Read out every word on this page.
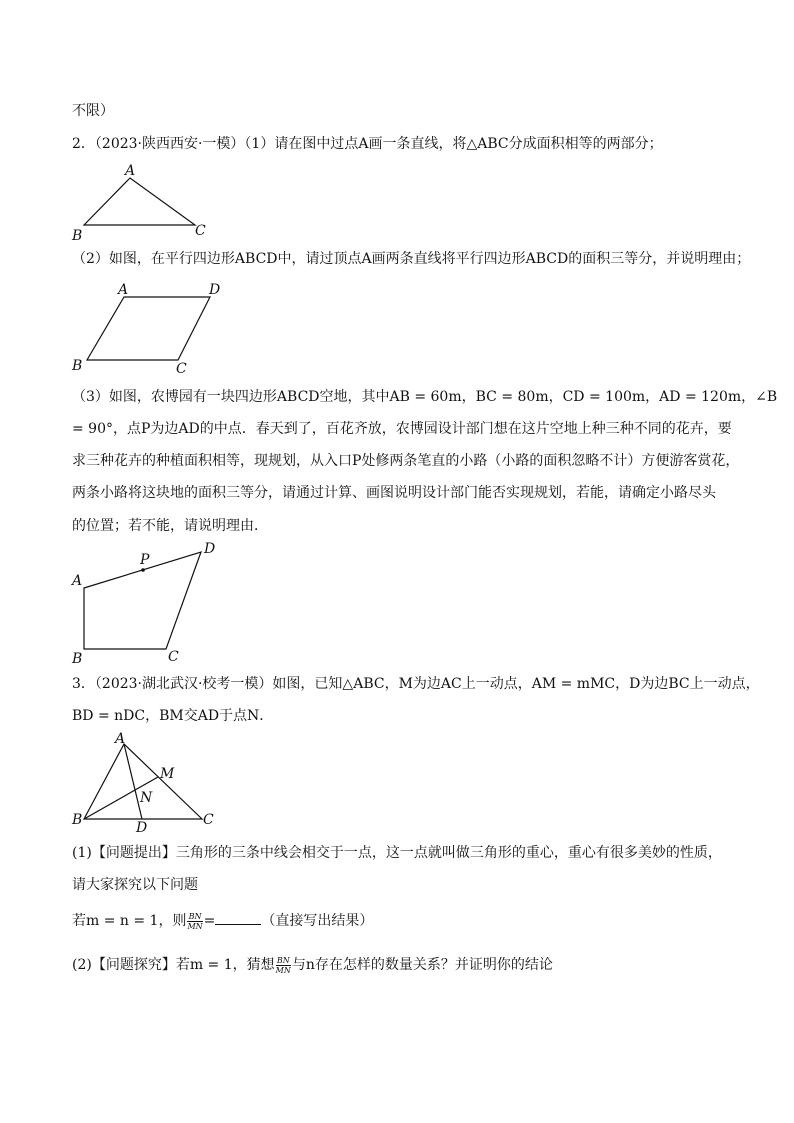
不限）
2．（2023·陕西西安·一模）（1）请在图中过点A画一条直线，将△ABC分成面积相等的两部分；
A
B	C
（2）如图，在平行四边形ABCD中，请过顶点A画两条直线将平行四边形ABCD的面积三等分，并说明理由；
A	D
B	C
（3）如图，农博园有一块四边形ABCD空地，其中AB = 60m，BC = 80m，CD = 100m，AD = 120m，∠B
= 90°，点P为边AD的中点．春天到了，百花齐放，农博园设计部门想在这片空地上种三种不同的花卉，要
求三种花卉的种植面积相等，现规划，从入口P处修两条笔直的小路（小路的面积忽略不计）方便游客赏花，
两条小路将这块地的面积三等分，请通过计算、画图说明设计部门能否实现规划，若能，请确定小路尽头
的位置；若不能，请说明理由．
A
P
D
B	C
3．（2023·湖北武汉·校考一模）如图，已知△ABC，M为边AC上一动点，AM = mMC，D为边BC上一动点，
BD = nDC，BM交AD于点N．
A
M
N
B	D	C
(1)【问题提出】三角形的三条中线会相交于一点，这一点就叫做三角形的重心，重心有很多美妙的性质，
请大家探究以下问题
若m = n = 1，则 $\frac{BN}{MN}$ =	（直接写出结果）
(2)【问题探究】若m = 1，猜想 $\frac{BN}{MN}$ 与n存在怎样的数量关系？并证明你的结论
